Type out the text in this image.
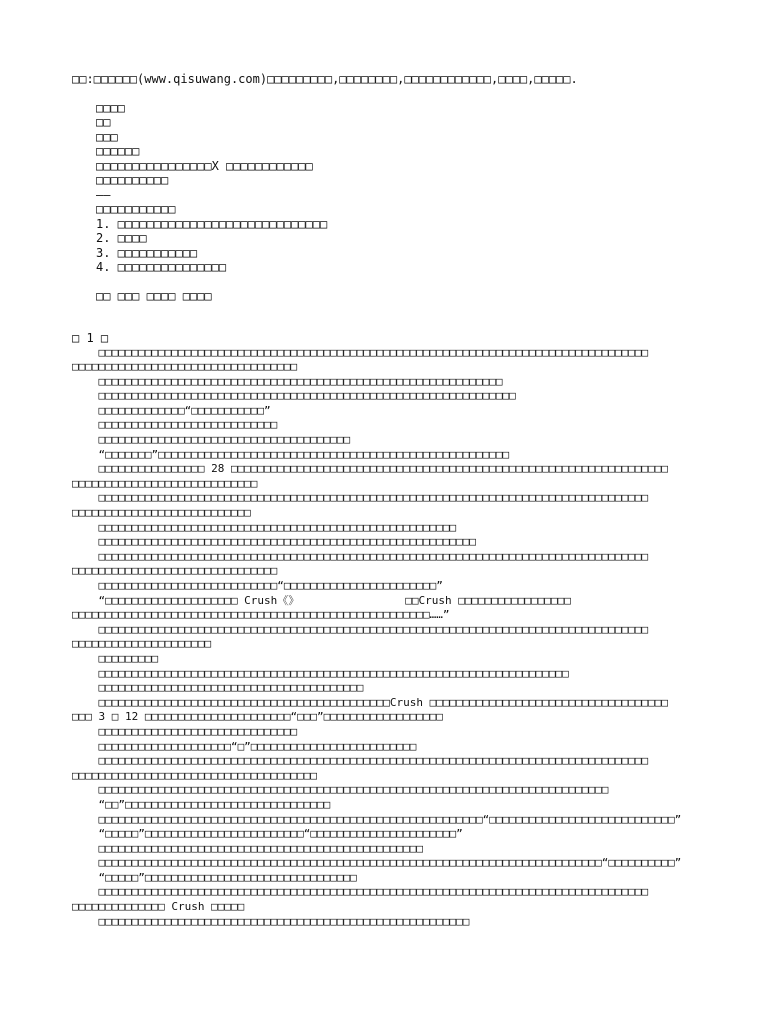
□□:□□□□□□(www.qisuwang.com)□□□□□□□□□,□□□□□□□□,□□□□□□□□□□□□,□□□□,□□□□□.
□□□□
□□
□□□
□□□□□□
□□□□□□□□□□□□□□□□X □□□□□□□□□□□□
□□□□□□□□□□
——
□□□□□□□□□□□
1. □□□□□□□□□□□□□□□□□□□□□□□□□□□□□
2. □□□□
3. □□□□□□□□□□□
4. □□□□□□□□□□□□□□□
□□ □□□ □□□□ □□□□
□ 1 □
□□□□□□□□□□□□□□□□□□□□□□□□□□□□□□□□□□□□□□□□□□□□□□□□□□□□□□□□□□□□□□□□□□□□□□□□□□□□□□□□□□□
□□□□□□□□□□□□□□□□□□□□□□□□□□□□□□□□□□
□□□□□□□□□□□□□□□□□□□□□□□□□□□□□□□□□□□□□□□□□□□□□□□□□□□□□□□□□□□□□
□□□□□□□□□□□□□□□□□□□□□□□□□□□□□□□□□□□□□□□□□□□□□□□□□□□□□□□□□□□□□□□
□□□□□□□□□□□□□“□□□□□□□□□□□”
□□□□□□□□□□□□□□□□□□□□□□□□□□□
□□□□□□□□□□□□□□□□□□□□□□□□□□□□□□□□□□□□□□
“□□□□□□□”□□□□□□□□□□□□□□□□□□□□□□□□□□□□□□□□□□□□□□□□□□□□□□□□□□□□□
□□□□□□□□□□□□□□□□ 28 □□□□□□□□□□□□□□□□□□□□□□□□□□□□□□□□□□□□□□□□□□□□□□□□□□□□□□□□□□□□□□□□□□
□□□□□□□□□□□□□□□□□□□□□□□□□□□□
□□□□□□□□□□□□□□□□□□□□□□□□□□□□□□□□□□□□□□□□□□□□□□□□□□□□□□□□□□□□□□□□□□□□□□□□□□□□□□□□□□□
□□□□□□□□□□□□□□□□□□□□□□□□□□□
□□□□□□□□□□□□□□□□□□□□□□□□□□□□□□□□□□□□□□□□□□□□□□□□□□□□□□
□□□□□□□□□□□□□□□□□□□□□□□□□□□□□□□□□□□□□□□□□□□□□□□□□□□□□□□□□
□□□□□□□□□□□□□□□□□□□□□□□□□□□□□□□□□□□□□□□□□□□□□□□□□□□□□□□□□□□□□□□□□□□□□□□□□□□□□□□□□□□
□□□□□□□□□□□□□□□□□□□□□□□□□□□□□□□
□□□□□□□□□□□□□□□□□□□□□□□□□□□“□□□□□□□□□□□□□□□□□□□□□□□”
“□□□□□□□□□□□□□□□□□□□□ Crush《》                □□Crush □□□□□□□□□□□□□□□□□
□□□□□□□□□□□□□□□□□□□□□□□□□□□□□□□□□□□□□□□□□□□□□□□□□□□□□□……”
□□□□□□□□□□□□□□□□□□□□□□□□□□□□□□□□□□□□□□□□□□□□□□□□□□□□□□□□□□□□□□□□□□□□□□□□□□□□□□□□□□□
□□□□□□□□□□□□□□□□□□□□□
□□□□□□□□□
□□□□□□□□□□□□□□□□□□□□□□□□□□□□□□□□□□□□□□□□□□□□□□□□□□□□□□□□□□□□□□□□□□□□□□□
□□□□□□□□□□□□□□□□□□□□□□□□□□□□□□□□□□□□□□□□
□□□□□□□□□□□□□□□□□□□□□□□□□□□□□□□□□□□□□□□□□□□□Crush □□□□□□□□□□□□□□□□□□□□□□□□□□□□□□□□□□□□
□□□ 3 □ 12 □□□□□□□□□□□□□□□□□□□□□□“□□□”□□□□□□□□□□□□□□□□□□
□□□□□□□□□□□□□□□□□□□□□□□□□□□□□□
□□□□□□□□□□□□□□□□□□□□“□”□□□□□□□□□□□□□□□□□□□□□□□□□
□□□□□□□□□□□□□□□□□□□□□□□□□□□□□□□□□□□□□□□□□□□□□□□□□□□□□□□□□□□□□□□□□□□□□□□□□□□□□□□□□□□
□□□□□□□□□□□□□□□□□□□□□□□□□□□□□□□□□□□□□
□□□□□□□□□□□□□□□□□□□□□□□□□□□□□□□□□□□□□□□□□□□□□□□□□□□□□□□□□□□□□□□□□□□□□□□□□□□□□
“□□”□□□□□□□□□□□□□□□□□□□□□□□□□□□□□□□
□□□□□□□□□□□□□□□□□□□□□□□□□□□□□□□□□□□□□□□□□□□□□□□□□□□□□□□□□□“□□□□□□□□□□□□□□□□□□□□□□□□□□□□”
“□□□□□”□□□□□□□□□□□□□□□□□□□□□□□□“□□□□□□□□□□□□□□□□□□□□□□”
□□□□□□□□□□□□□□□□□□□□□□□□□□□□□□□□□□□□□□□□□□□□□□□□□
□□□□□□□□□□□□□□□□□□□□□□□□□□□□□□□□□□□□□□□□□□□□□□□□□□□□□□□□□□□□□□□□□□□□□□□□□□□□“□□□□□□□□□□”
“□□□□□”□□□□□□□□□□□□□□□□□□□□□□□□□□□□□□□□
□□□□□□□□□□□□□□□□□□□□□□□□□□□□□□□□□□□□□□□□□□□□□□□□□□□□□□□□□□□□□□□□□□□□□□□□□□□□□□□□□□□
□□□□□□□□□□□□□□ Crush □□□□□
□□□□□□□□□□□□□□□□□□□□□□□□□□□□□□□□□□□□□□□□□□□□□□□□□□□□□□□□
